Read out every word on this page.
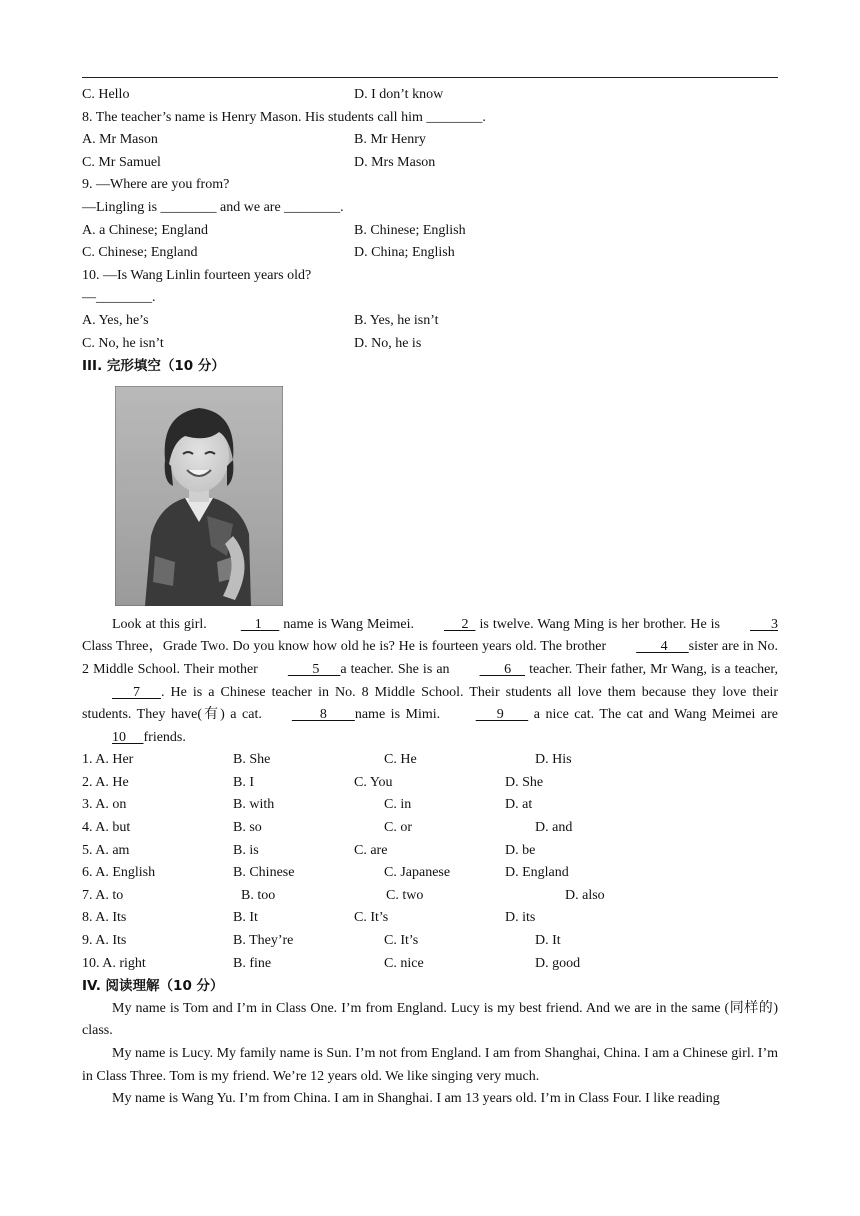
C. Hello	D. I don’t know
8. The teacher’s name is Henry Mason. His students call him ________.
A. Mr Mason	B. Mr Henry
C. Mr Samuel	D. Mrs Mason
9. —Where are you from?
—Lingling is ________ and we are ________.
A. a Chinese; England	B. Chinese; English
C. Chinese; England	D. China; English
10. —Is Wang Linlin fourteen years old?
—________.
A. Yes, he’s	B. Yes, he isn’t
C. No, he isn’t	D. No, he is
III. 完形填空（10 分）

Look at this girl.     1      name is Wang Meimei.     2   is twelve. Wang Ming is her brother. He is      3 Class Three，Grade Two. Do you know how old he is? He is fourteen years old. The brother       4      sister are in No. 2 Middle School. Their mother       5      a teacher. She is an       6     teacher. Their father, Mr Wang, is a teacher,      7      . He is a Chinese teacher in No. 8 Middle School. Their students all love them because they love their students. They have(有) a cat.        8        name is Mimi.       9        a nice cat. The cat and Wang Meimei are 10     friends.

1. A. Her	B. She	C. He	D. His
2. A. He	B. I	C. You	D. She
3. A. on	B. with	C. in	D. at
4. A. but	B. so	C. or	D. and
5. A. am	B. is	C. are	D. be
6. A. English	B. Chinese	C. Japanese	D. England
7. A. to	B. too	C. two	D. also
8. A. Its	B. It	C. It’s	D. its
9. A. Its	B. They’re	C. It’s	D. It
10. A. right	B. fine	C. nice	D. good
IV. 阅读理解（10 分）

My name is Tom and I’m in Class One. I’m from England. Lucy is my best friend. And we are in the same (同样的) class.

My name is Lucy. My family name is Sun. I’m not from England. I am from Shanghai, China. I am a Chinese girl. I’m in Class Three. Tom is my friend. We’re 12 years old. We like singing very much.

My name is Wang Yu. I’m from China. I am in Shanghai. I am 13 years old. I’m in Class Four. I like reading
